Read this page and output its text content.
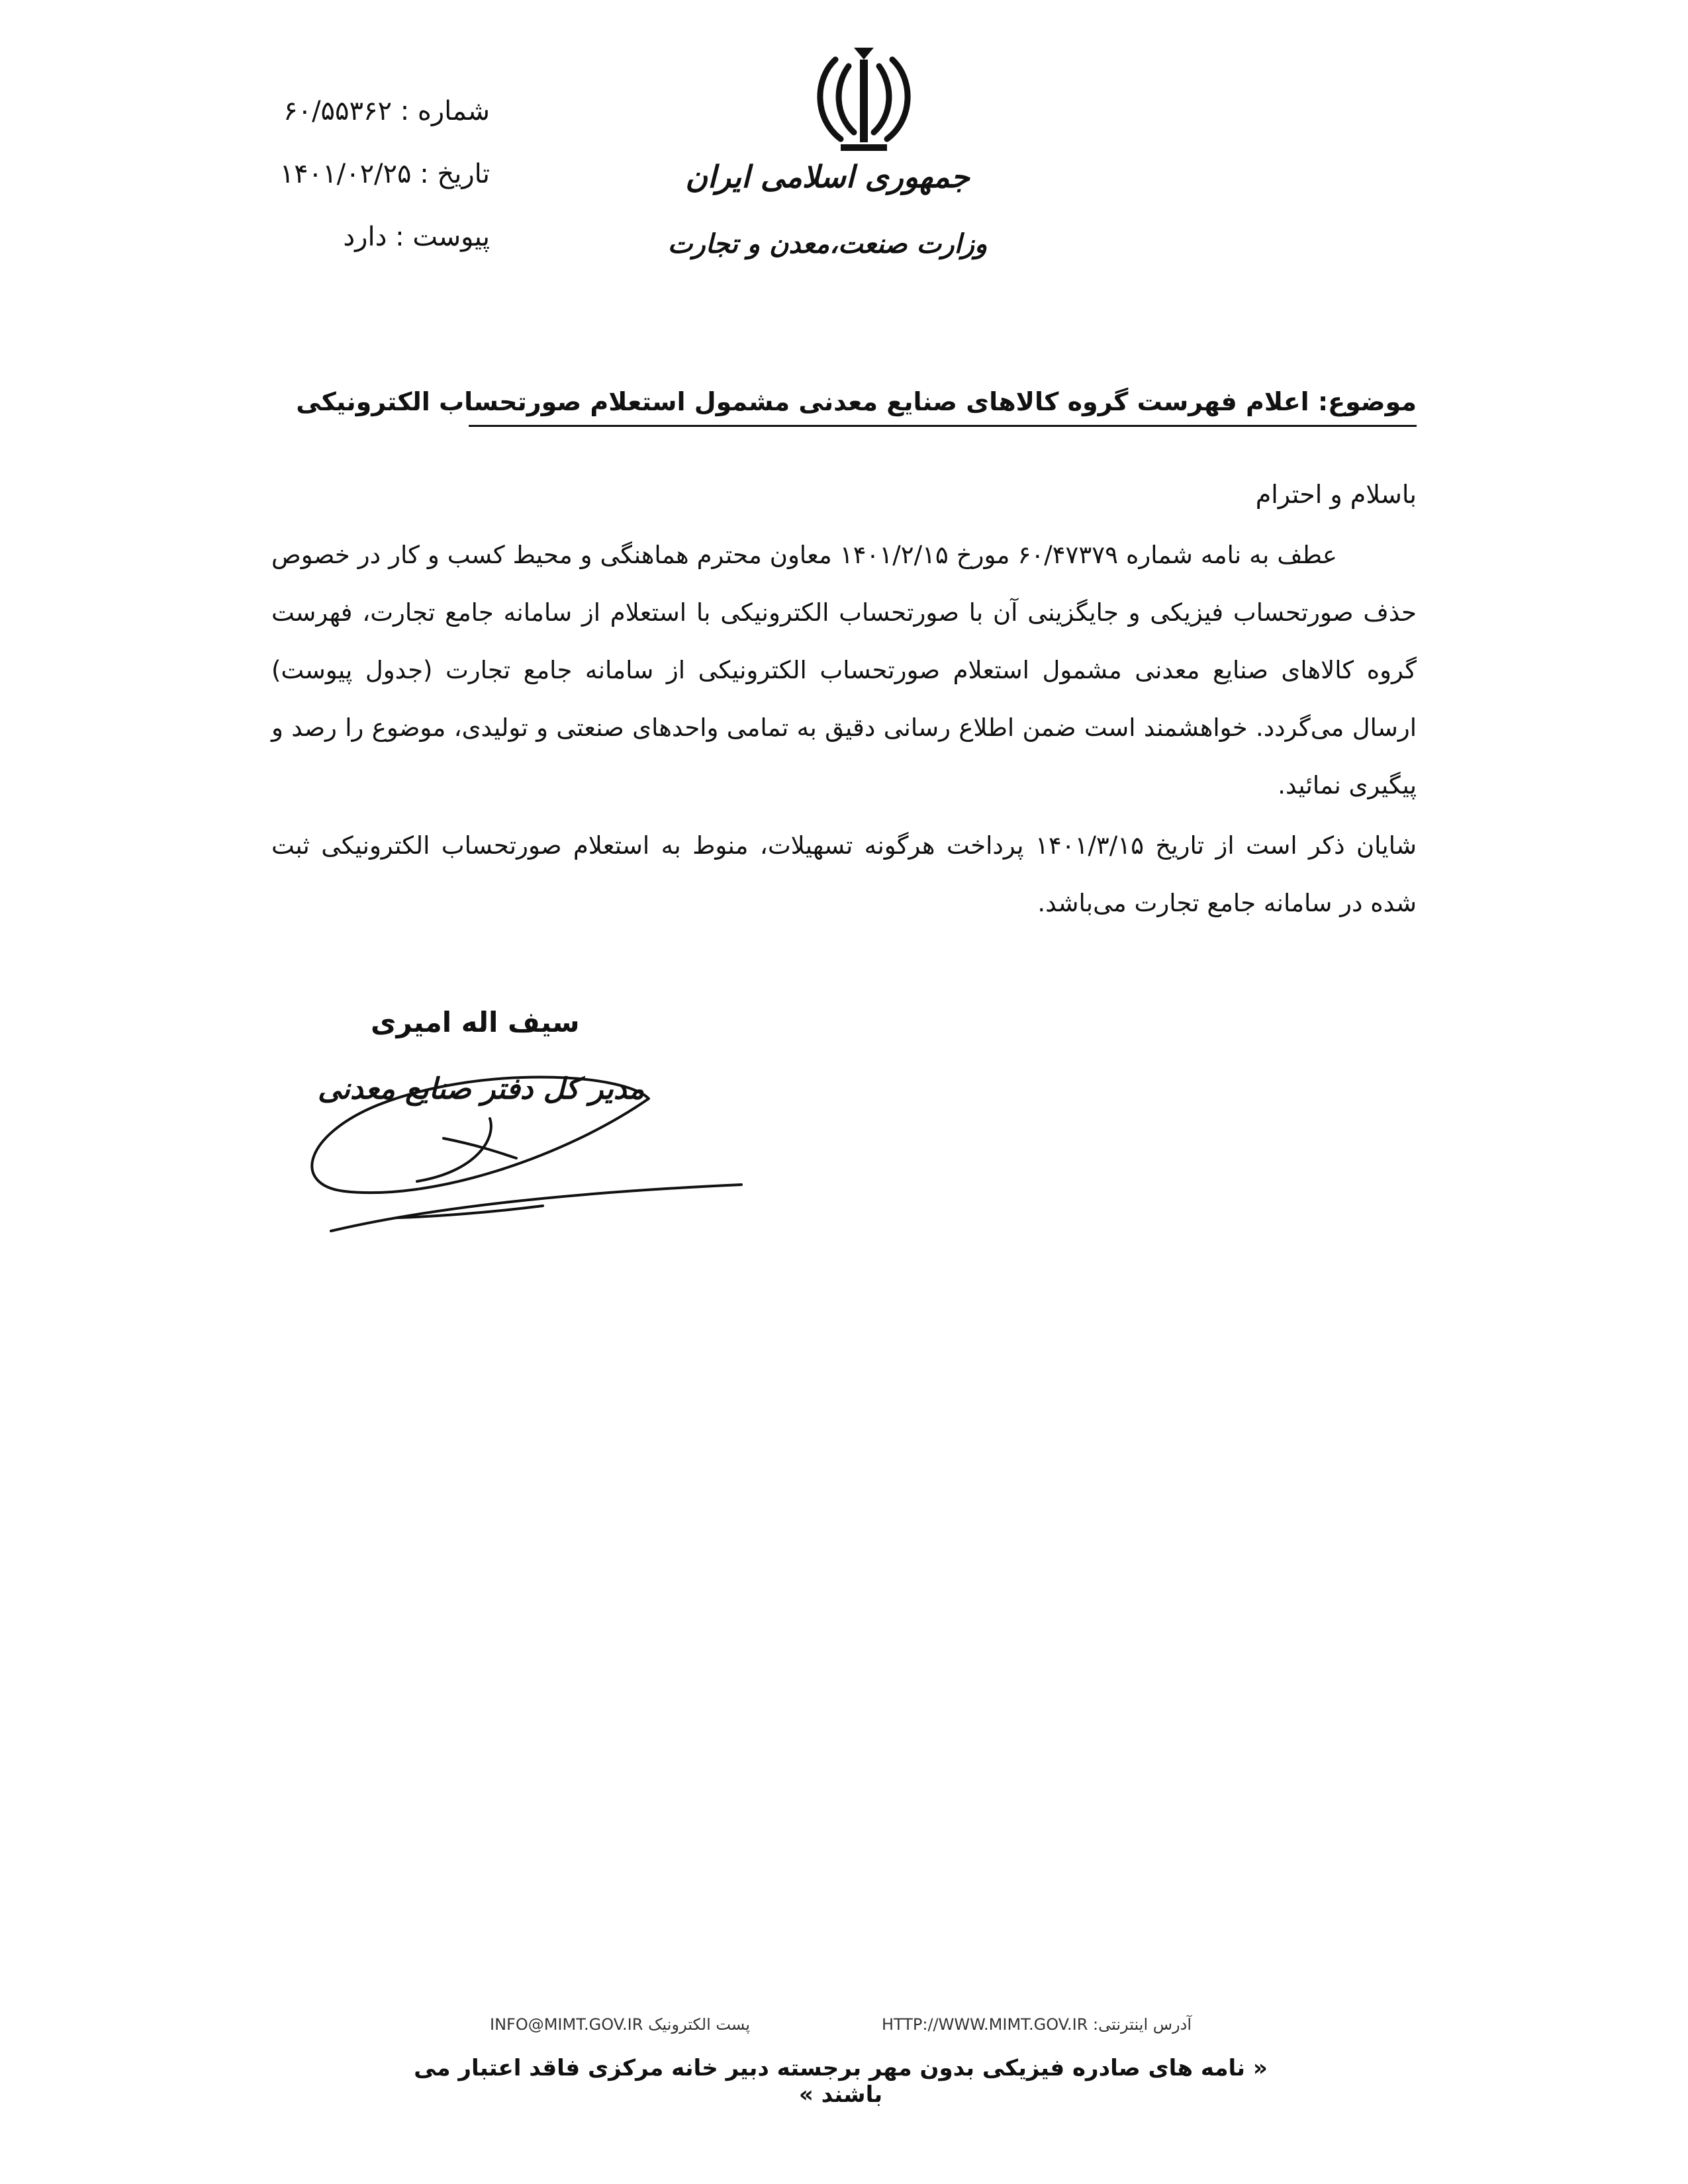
شماره : ۶۰/۵۵۳۶۲
تاریخ : ۱۴۰۱/۰۲/۲۵
پیوست : دارد
جمهوری اسلامی ایران
وزارت صنعت،معدن و تجارت
موضوع: اعلام فهرست گروه کالاهای صنایع معدنی مشمول استعلام صورتحساب الکترونیکی
باسلام و احترام
عطف به نامه شماره ۶۰/۴۷۳۷۹ مورخ ۱۴۰۱/۲/۱۵ معاون محترم هماهنگی و محیط کسب و کار در خصوص حذف صورتحساب فیزیکی و جایگزینی آن با صورتحساب الکترونیکی با استعلام از سامانه جامع تجارت، فهرست گروه کالاهای صنایع معدنی مشمول استعلام صورتحساب الکترونیکی از سامانه جامع تجارت (جدول پیوست) ارسال می‌گردد. خواهشمند است ضمن اطلاع رسانی دقیق به تمامی واحدهای صنعتی و تولیدی، موضوع را رصد و پیگیری نمائید.
شایان ذکر است از تاریخ ۱۴۰۱/۳/۱۵ پرداخت هرگونه تسهیلات، منوط به استعلام صورتحساب الکترونیکی ثبت شده در سامانه جامع تجارت می‌باشد.
سیف اله امیری
مدیر کل دفتر صنایع معدنی
آدرس اینترنتی: HTTP://WWW.MIMT.GOV.IR
پست الکترونیک INFO@MIMT.GOV.IR
« نامه های صادره فیزیکی بدون مهر برجسته دبیر خانه مرکزی فاقد اعتبار می باشند »
